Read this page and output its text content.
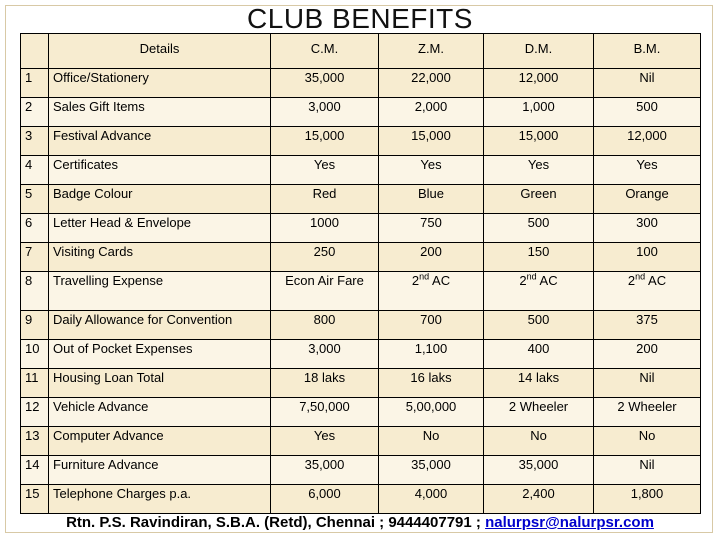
CLUB BENEFITS
	Details	C.M.	Z.M.	D.M.	B.M.
1	Office/Stationery	35,000	22,000	12,000	Nil
2	Sales Gift Items	3,000	2,000	1,000	500
3	Festival Advance	15,000	15,000	15,000	12,000
4	Certificates	Yes	Yes	Yes	Yes
5	Badge Colour	Red	Blue	Green	Orange
6	Letter Head & Envelope	1000	750	500	300
7	Visiting Cards	250	200	150	100
8	Travelling Expense	Econ Air Fare	2nd AC	2nd AC	2nd AC
9	Daily Allowance for Convention	800	700	500	375
10	Out of Pocket Expenses	3,000	1,100	400	200
11	Housing Loan Total	18 laks	16 laks	14 laks	Nil
12	Vehicle Advance	7,50,000	5,00,000	2 Wheeler	2 Wheeler
13	Computer Advance	Yes	No	No	No
14	Furniture Advance	35,000	35,000	35,000	Nil
15	Telephone Charges p.a.	6,000	4,000	2,400	1,800
Rtn. P.S. Ravindiran, S.B.A. (Retd), Chennai ; 9444407791 ; nalurpsr@nalurpsr.com
